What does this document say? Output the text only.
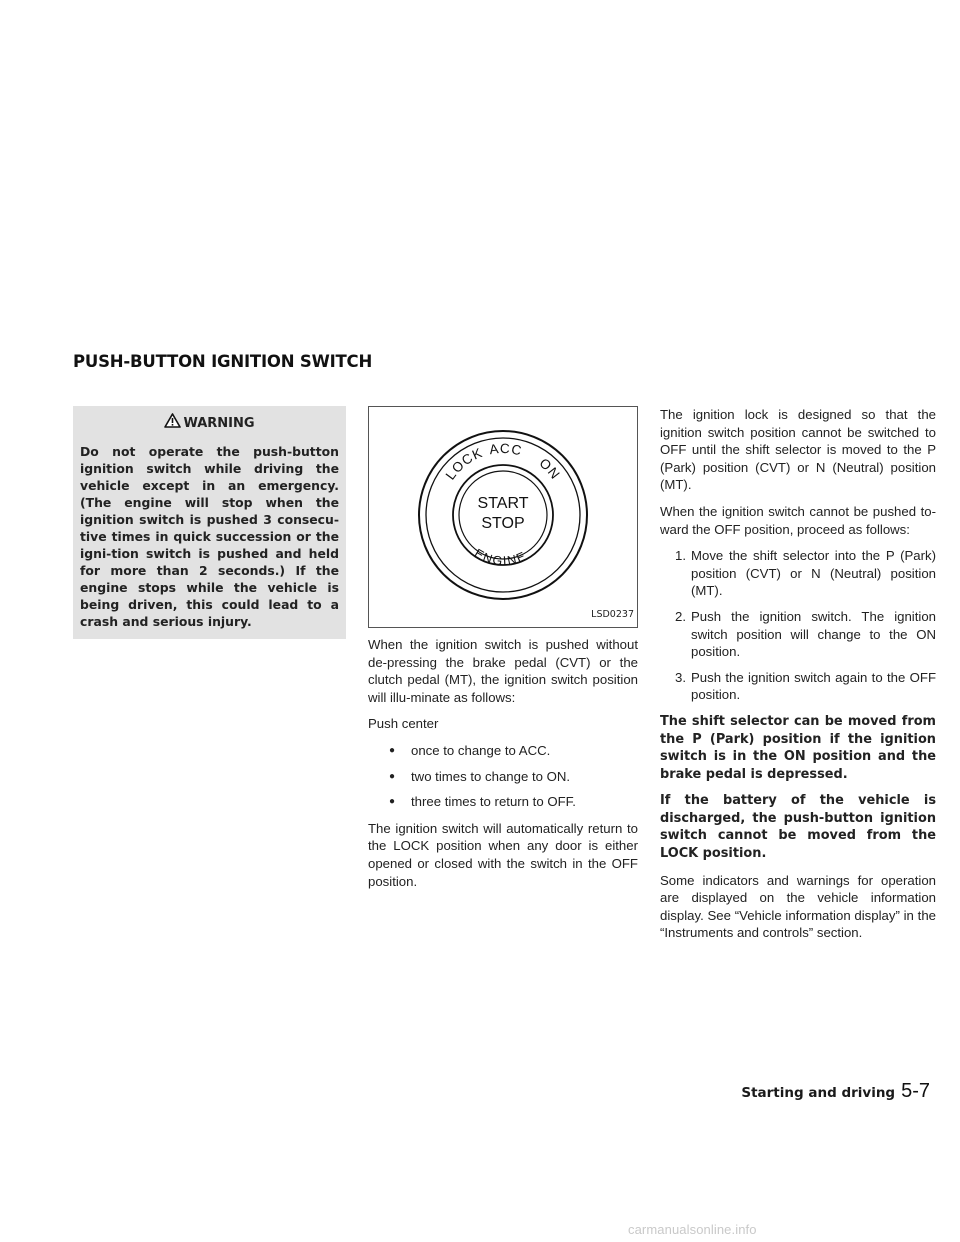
PUSH-BUTTON IGNITION SWITCH
WARNING

Do not operate the push-button ignition switch while driving the vehicle except in an emergency. (The engine will stop when the ignition switch is pushed 3 consecu-tive times in quick succession or the igni-tion switch is pushed and held for more than 2 seconds.) If the engine stops while the vehicle is being driven, this could lead to a crash and serious injury.

LOCK ACC
ON
ENGINE
START
STOP
LSD0237

When the ignition switch is pushed without de-pressing the brake pedal (CVT) or the clutch pedal (MT), the ignition switch position will illu-minate as follows:

Push center

●	once to change to ACC.
●	two times to change to ON.
●	three times to return to OFF.

The ignition switch will automatically return to the LOCK position when any door is either opened or closed with the switch in the OFF position.

The ignition lock is designed so that the ignition switch position cannot be switched to OFF until the shift selector is moved to the P (Park) position (CVT) or N (Neutral) position (MT).

When the ignition switch cannot be pushed to-ward the OFF position, proceed as follows:

1. Move the shift selector into the P (Park) position (CVT) or N (Neutral) position (MT).
2. Push the ignition switch. The ignition switch position will change to the ON position.
3. Push the ignition switch again to the OFF position.

The shift selector can be moved from the P (Park) position if the ignition switch is in the ON position and the brake pedal is depressed.

If the battery of the vehicle is discharged, the push-button ignition switch cannot be moved from the LOCK position.

Some indicators and warnings for operation are displayed on the vehicle information display. See “Vehicle information display” in the “Instruments and controls” section.

Starting and driving 5-7
carmanualsonline.info
